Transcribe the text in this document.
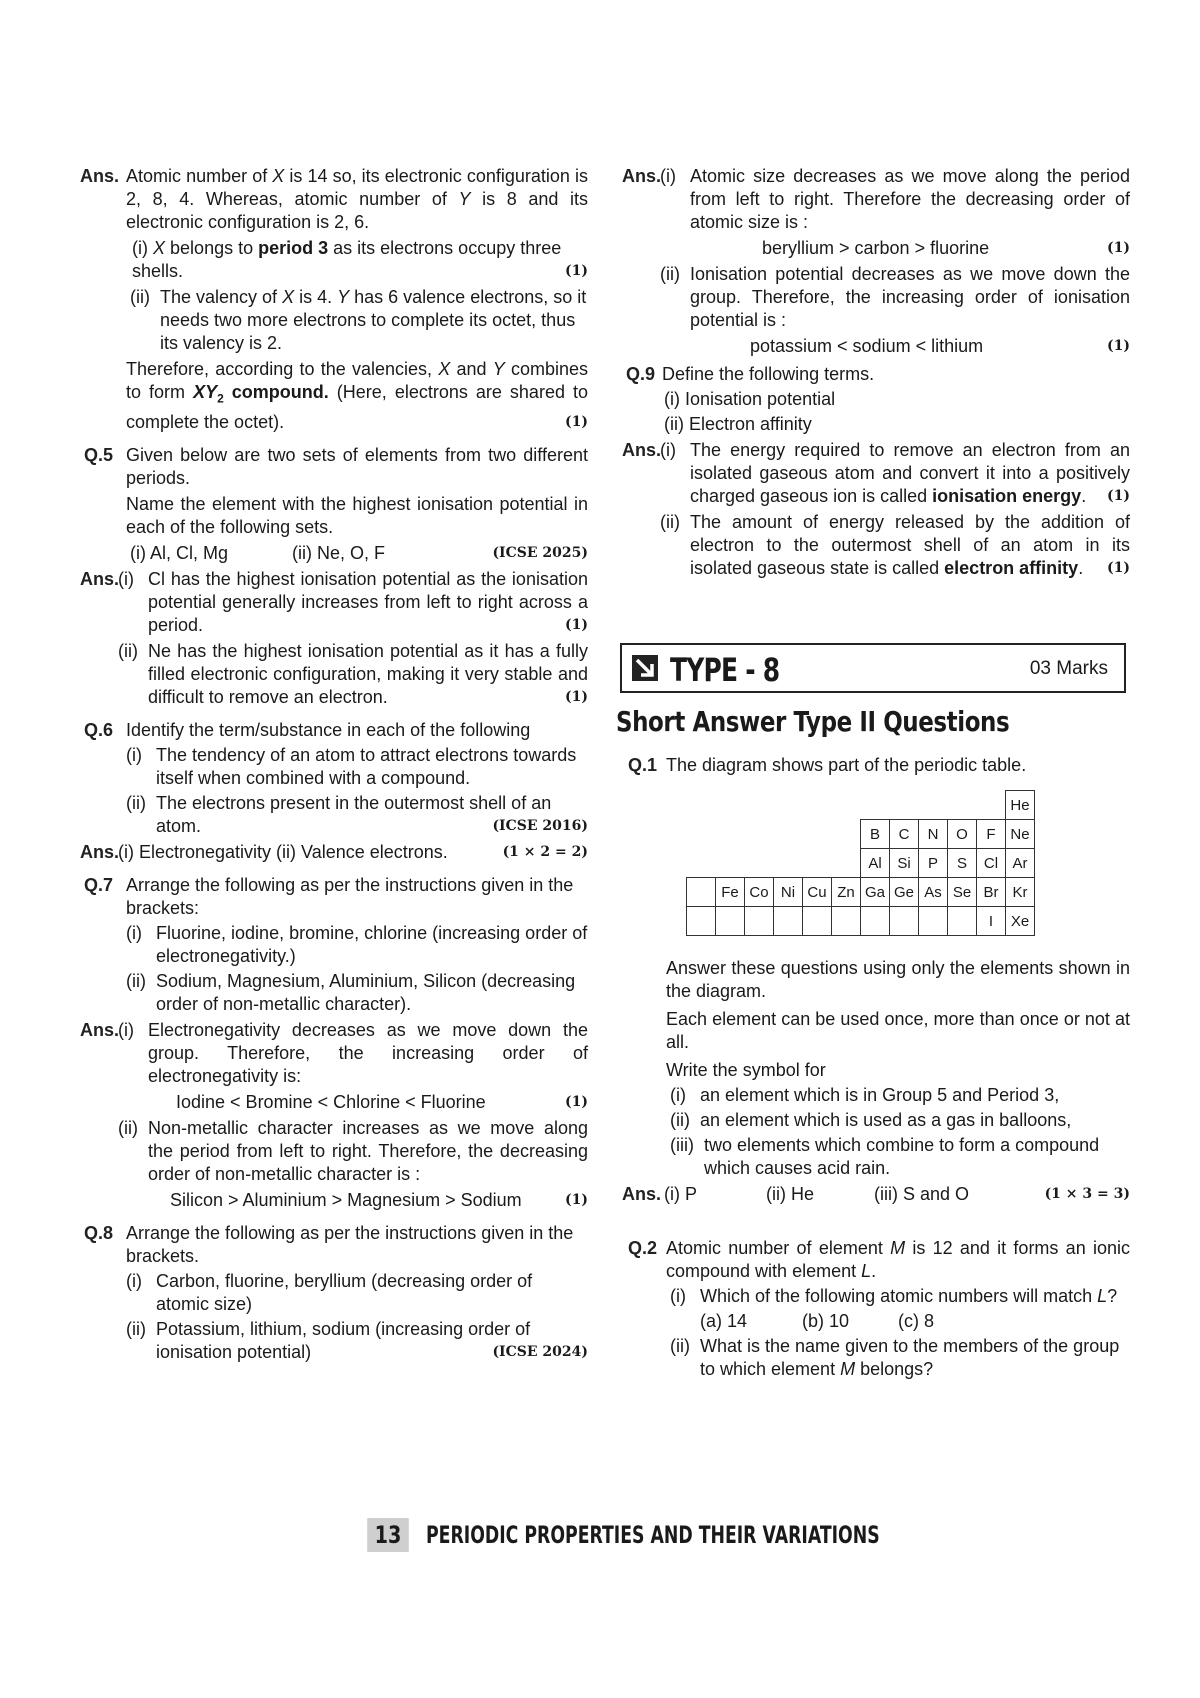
Ans. Atomic number of X is 14 so, its electronic configuration is 2, 8, 4. Whereas, atomic number of Y is 8 and its electronic configuration is 2, 6.
(i) X belongs to period 3 as its electrons occupy three shells.	(1)
(ii) The valency of X is 4. Y has 6 valence electrons, so it needs two more electrons to complete its octet, thus its valency is 2.
Therefore, according to the valencies, X and Y combines to form $XY_2$ compound. (Here, electrons are shared to complete the octet).	(1)
Q.5 Given below are two sets of elements from two different periods.
Name the element with the highest ionisation potential in each of the following sets.
(i) Al, Cl, Mg	(ii) Ne, O, F	(ICSE 2025)
Ans.
(i) Cl has the highest ionisation potential as the ionisation potential generally increases from left to right across a period.	(1)
(ii) Ne has the highest ionisation potential as it has a fully filled electronic configuration, making it very stable and difficult to remove an electron.	(1)
Q.6 Identify the term/substance in each of the following
(i) The tendency of an atom to attract electrons towards itself when combined with a compound.
(ii) The electrons present in the outermost shell of an atom.	(ICSE 2016)
Ans.
(i) Electronegativity (ii) Valence electrons.	(1 × 2 = 2)
Q.7 Arrange the following as per the instructions given in the brackets:
(i) Fluorine, iodine, bromine, chlorine (increasing order of electronegativity.)
(ii) Sodium, Magnesium, Aluminium, Silicon (decreasing order of non-metallic character).
Ans.
(i) Electronegativity decreases as we move down the group. Therefore, the increasing order of electronegativity is:
Iodine < Bromine < Chlorine < Fluorine	(1)
(ii) Non-metallic character increases as we move along the period from left to right. Therefore, the decreasing order of non-metallic character is :
Silicon > Aluminium > Magnesium > Sodium	(1)
Q.8 Arrange the following as per the instructions given in the brackets.
(i) Carbon, fluorine, beryllium (decreasing order of atomic size)
(ii) Potassium, lithium, sodium (increasing order of ionisation potential)	(ICSE 2024)
Ans.
(i) Atomic size decreases as we move along the period from left to right. Therefore the decreasing order of atomic size is :
beryllium > carbon > fluorine	(1)
(ii) Ionisation potential decreases as we move down the group. Therefore, the increasing order of ionisation potential is :
potassium < sodium < lithium	(1)
Q.9 Define the following terms.
(i) Ionisation potential
(ii) Electron affinity
Ans.
(i) The energy required to remove an electron from an isolated gaseous atom and convert it into a positively charged gaseous ion is called ionisation energy. (1)
(ii) The amount of energy released by the addition of electron to the outermost shell of an atom in its isolated gaseous state is called electron affinity. (1)
TYPE - 8	03 Marks
Short Answer Type II Questions
Q.1 The diagram shows part of the periodic table.
											He
						B	C	N	O	F	Ne
						Al	Si	P	S	Cl	Ar
	Fe	Co	Ni	Cu	Zn	Ga	Ge	As	Se	Br	Kr
										I	Xe
Answer these questions using only the elements shown in the diagram.
Each element can be used once, more than once or not at all.
Write the symbol for
(i) an element which is in Group 5 and Period 3,
(ii) an element which is used as a gas in balloons,
(iii) two elements which combine to form a compound which causes acid rain.
Ans. (i) P	(ii) He	(iii) S and O	(1 × 3 = 3)
Q.2 Atomic number of element M is 12 and it forms an ionic compound with element L.
(i) Which of the following atomic numbers will match L?
(a) 14	(b) 10	(c) 8
(ii) What is the name given to the members of the group to which element M belongs?
13	PERIODIC PROPERTIES AND THEIR VARIATIONS
